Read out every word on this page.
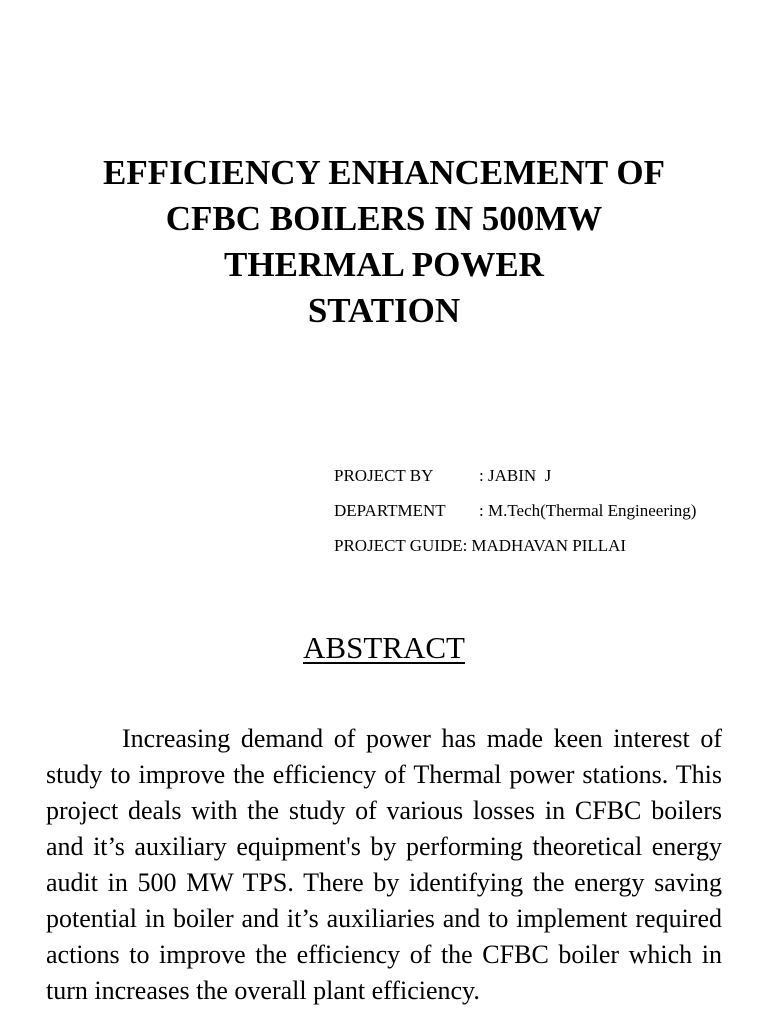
EFFICIENCY ENHANCEMENT OF
CFBC BOILERS IN 500MW
THERMAL POWER
STATION
PROJECT BY	: JABIN  J
DEPARTMENT	: M.Tech(Thermal Engineering)
PROJECT GUIDE: MADHAVAN PILLAI
ABSTRACT

Increasing demand of power has made keen interest of study to improve the efficiency of Thermal power stations. This project deals with the study of various losses in CFBC boilers and it’s auxiliary equipment's by performing theoretical energy audit in 500 MW TPS. There by identifying the energy saving potential in boiler and it’s auxiliaries and to implement required actions to improve the efficiency of the CFBC boiler which in turn increases the overall plant efficiency.
